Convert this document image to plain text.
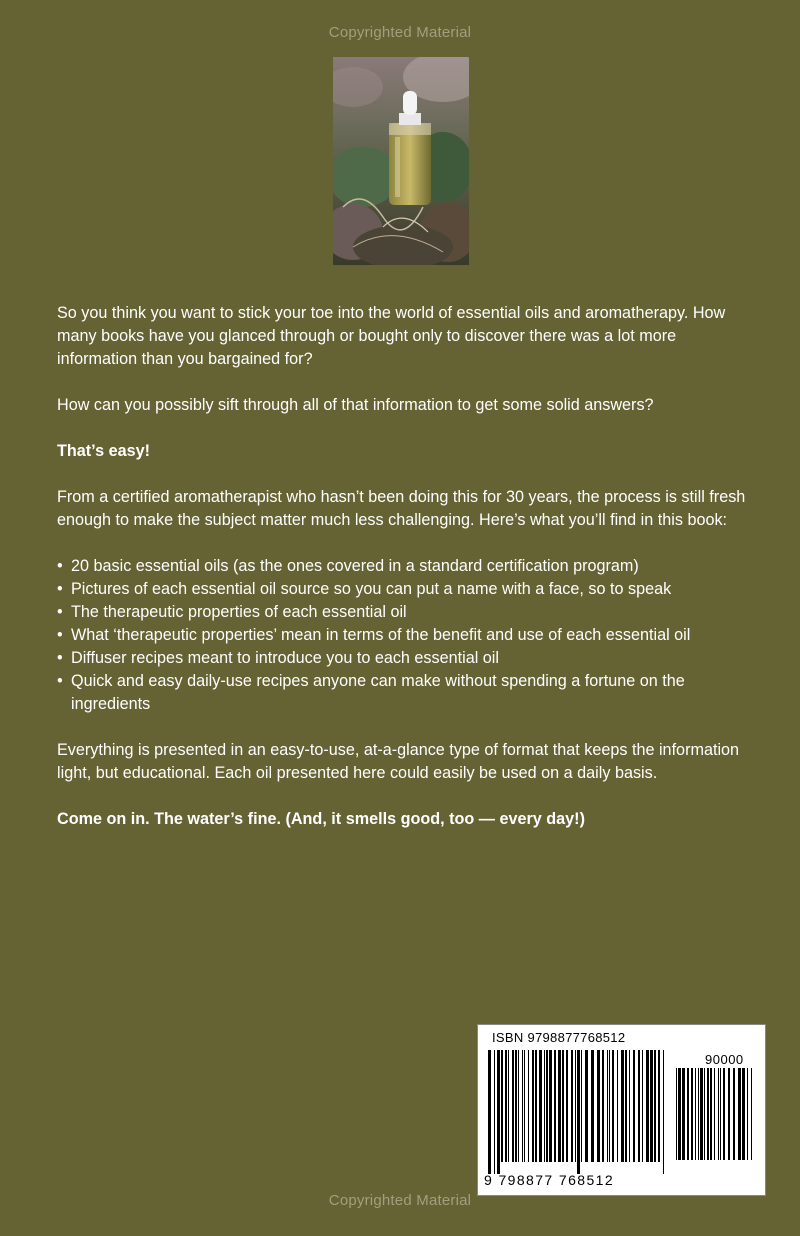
Copyrighted Material

So you think you want to stick your toe into the world of essential oils and aromatherapy. How many books have you glanced through or bought only to discover there was a lot more information than you bargained for?

How can you possibly sift through all of that information to get some solid answers?

That’s easy!

From a certified aromatherapist who hasn’t been doing this for 30 years, the process is still fresh enough to make the subject matter much less challenging. Here’s what you’ll find in this book:

• 20 basic essential oils (as the ones covered in a standard certification program)
• Pictures of each essential oil source so you can put a name with a face, so to speak
• The therapeutic properties of each essential oil
• What ‘therapeutic properties’ mean in terms of the benefit and use of each essential oil
• Diffuser recipes meant to introduce you to each essential oil
• Quick and easy daily-use recipes anyone can make without spending a fortune on the ingredients

Everything is presented in an easy-to-use, at-a-glance type of format that keeps the information light, but educational. Each oil presented here could easily be used on a daily basis.

Come on in. The water’s fine. (And, it smells good, too — every day!)

ISBN 9798877768512
90000
9 798877 768512
Copyrighted Material
